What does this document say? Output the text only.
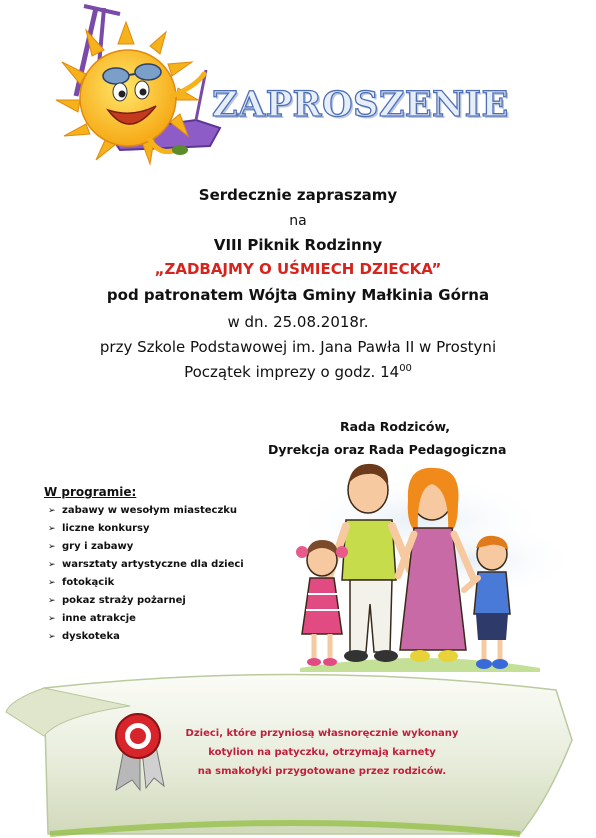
ZAPROSZENIE
Serdecznie zapraszamy
na
VIII Piknik Rodzinny
„ZADBAJMY O UŚMIECH DZIECKA”
pod patronatem Wójta Gminy Małkinia Górna
w dn. 25.08.2018r.
przy Szkole Podstawowej im. Jana Pawła II w Prostyni
Początek imprezy o godz. $14^{00}$
Rada Rodziców,
Dyrekcja oraz Rada Pedagogiczna
W programie:
➢ zabawy w wesołym miasteczku
➢ liczne konkursy
➢ gry i zabawy
➢ warsztaty artystyczne dla dzieci
➢ fotokącik
➢ pokaz straży pożarnej
➢ inne atrakcje
➢ dyskoteka
Dzieci, które przyniosą własnoręcznie wykonany
kotylion na patyczku, otrzymają karnety
na smakołyki przygotowane przez rodziców.
